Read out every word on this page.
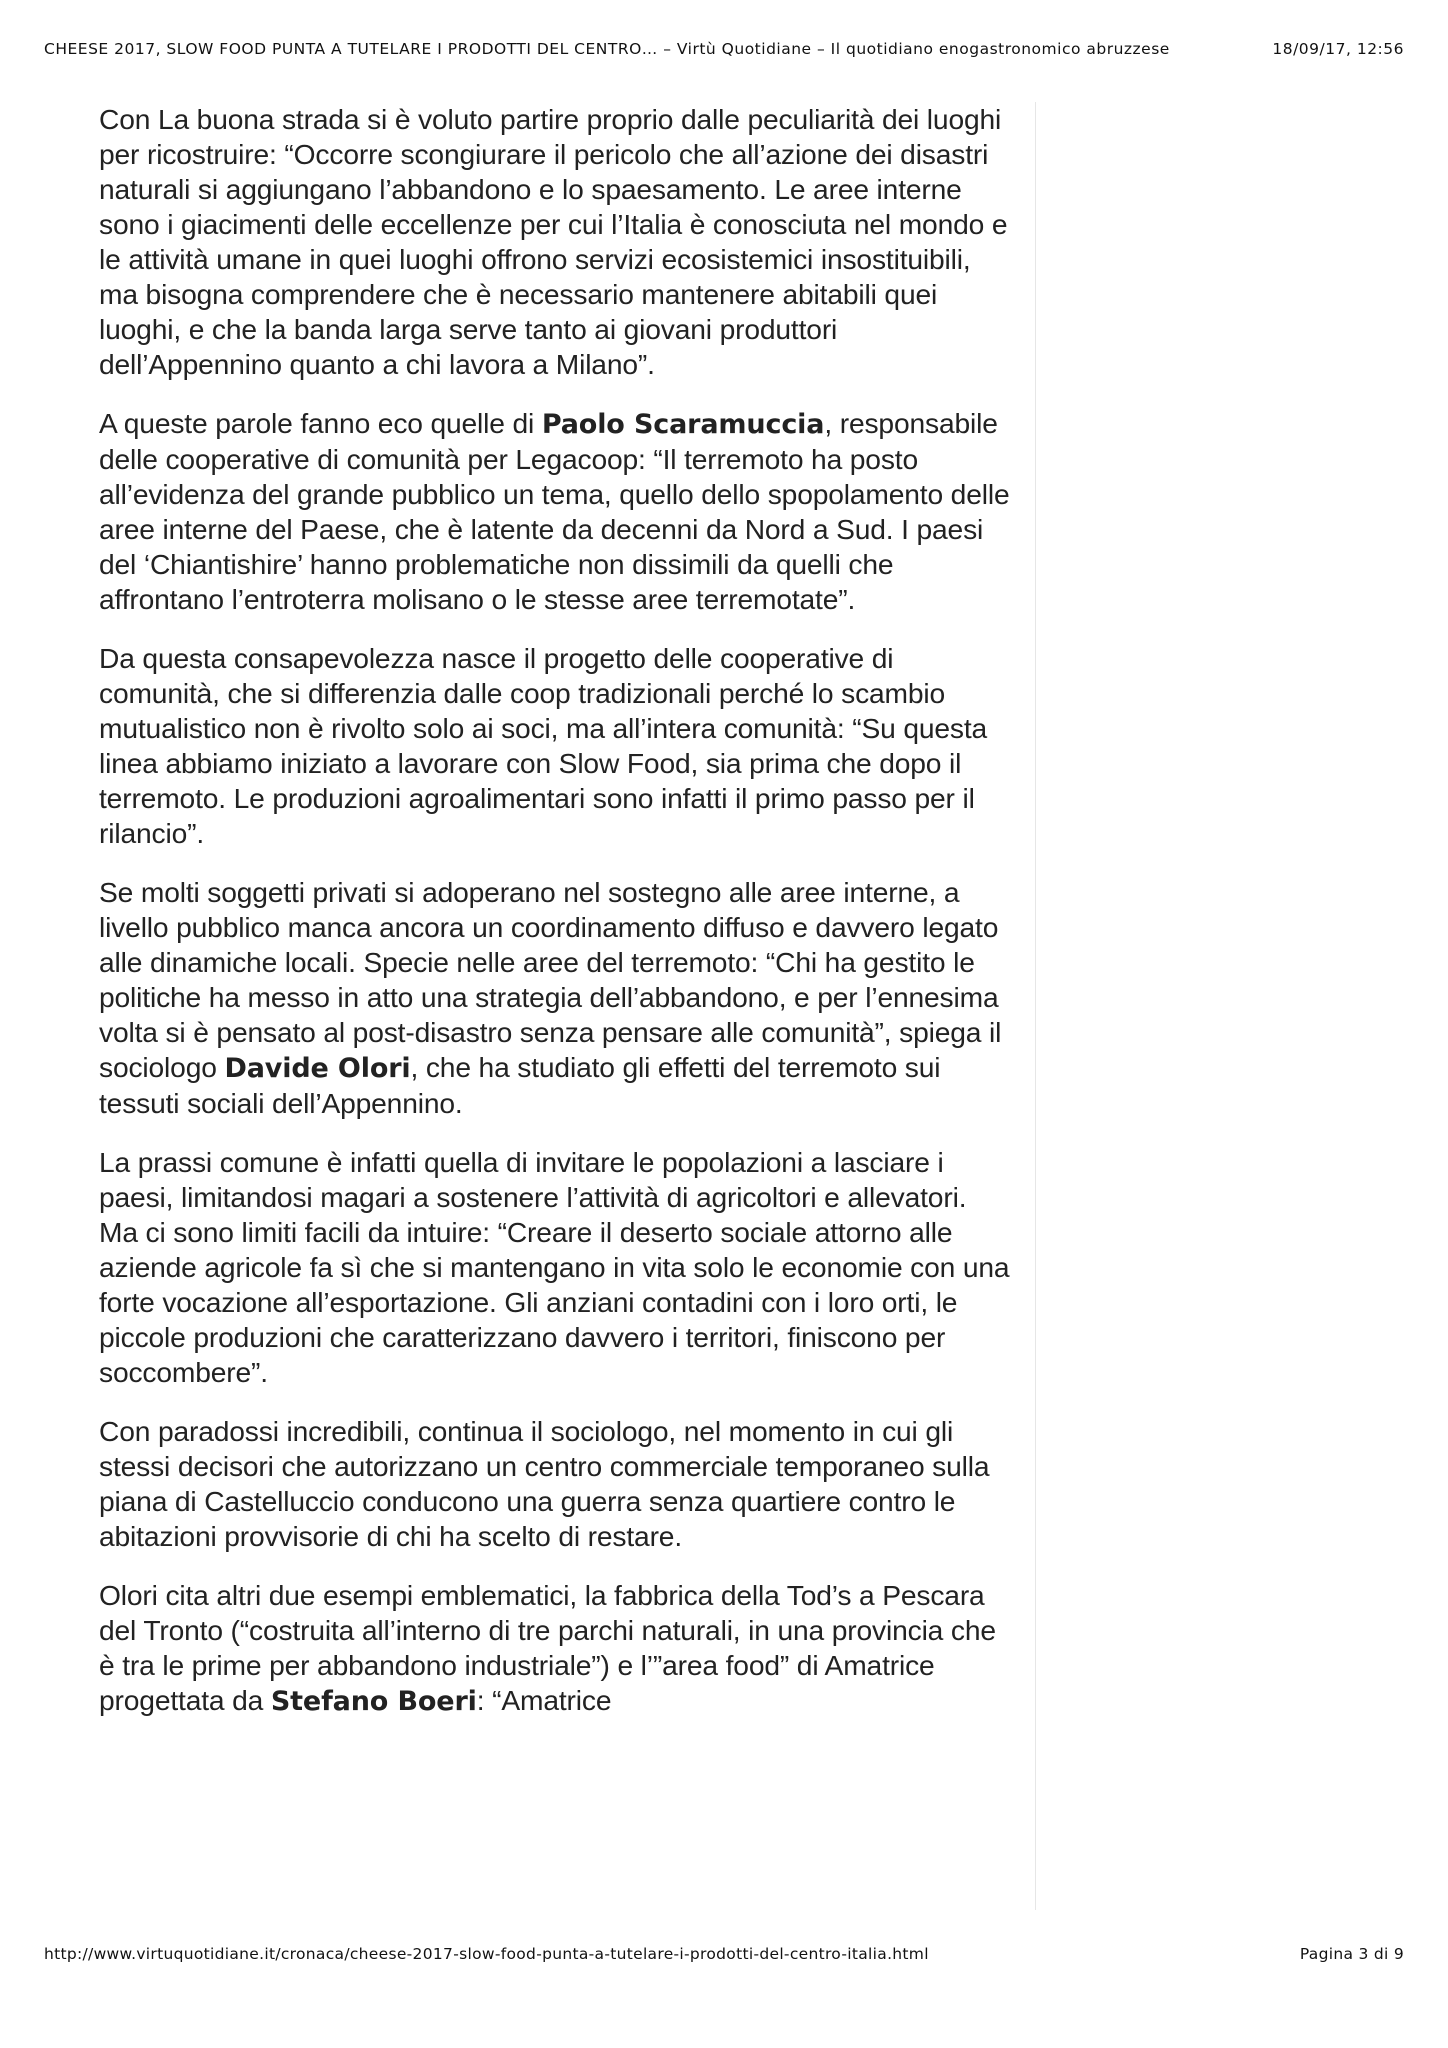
CHEESE 2017, SLOW FOOD PUNTA A TUTELARE I PRODOTTI DEL CENTRO… – Virtù Quotidiane – Il quotidiano enogastronomico abruzzese	18/09/17, 12:56

Con La buona strada si è voluto partire proprio dalle peculiarità dei luoghi per ricostruire: “Occorre scongiurare il pericolo che all’azione dei disastri naturali si aggiungano l’abbandono e lo spaesamento. Le aree interne sono i giacimenti delle eccellenze per cui l’Italia è conosciuta nel mondo e le attività umane in quei luoghi offrono servizi ecosistemici insostituibili, ma bisogna comprendere che è necessario mantenere abitabili quei luoghi, e che la banda larga serve tanto ai giovani produttori dell’Appennino quanto a chi lavora a Milano”.

A queste parole fanno eco quelle di Paolo Scaramuccia, responsabile delle cooperative di comunità per Legacoop: “Il terremoto ha posto all’evidenza del grande pubblico un tema, quello dello spopolamento delle aree interne del Paese, che è latente da decenni da Nord a Sud. I paesi del ‘Chiantishire’ hanno problematiche non dissimili da quelli che affrontano l’entroterra molisano o le stesse aree terremotate”.

Da questa consapevolezza nasce il progetto delle cooperative di comunità, che si differenzia dalle coop tradizionali perché lo scambio mutualistico non è rivolto solo ai soci, ma all’intera comunità: “Su questa linea abbiamo iniziato a lavorare con Slow Food, sia prima che dopo il terremoto. Le produzioni agroalimentari sono infatti il primo passo per il rilancio”.

Se molti soggetti privati si adoperano nel sostegno alle aree interne, a livello pubblico manca ancora un coordinamento diffuso e davvero legato alle dinamiche locali. Specie nelle aree del terremoto: “Chi ha gestito le politiche ha messo in atto una strategia dell’abbandono, e per l’ennesima volta si è pensato al post-disastro senza pensare alle comunità”, spiega il sociologo Davide Olori, che ha studiato gli effetti del terremoto sui tessuti sociali dell’Appennino.

La prassi comune è infatti quella di invitare le popolazioni a lasciare i paesi, limitandosi magari a sostenere l’attività di agricoltori e allevatori. Ma ci sono limiti facili da intuire: “Creare il deserto sociale attorno alle aziende agricole fa sì che si mantengano in vita solo le economie con una forte vocazione all’esportazione. Gli anziani contadini con i loro orti, le piccole produzioni che caratterizzano davvero i territori, finiscono per soccombere”.

Con paradossi incredibili, continua il sociologo, nel momento in cui gli stessi decisori che autorizzano un centro commerciale temporaneo sulla piana di Castelluccio conducono una guerra senza quartiere contro le abitazioni provvisorie di chi ha scelto di restare.

Olori cita altri due esempi emblematici, la fabbrica della Tod’s a Pescara del Tronto (“costruita all’interno di tre parchi naturali, in una provincia che è tra le prime per abbandono industriale”) e l’”area food” di Amatrice progettata da Stefano Boeri: “Amatrice

http://www.virtuquotidiane.it/cronaca/cheese-2017-slow-food-punta-a-tutelare-i-prodotti-del-centro-italia.html	Pagina 3 di 9
